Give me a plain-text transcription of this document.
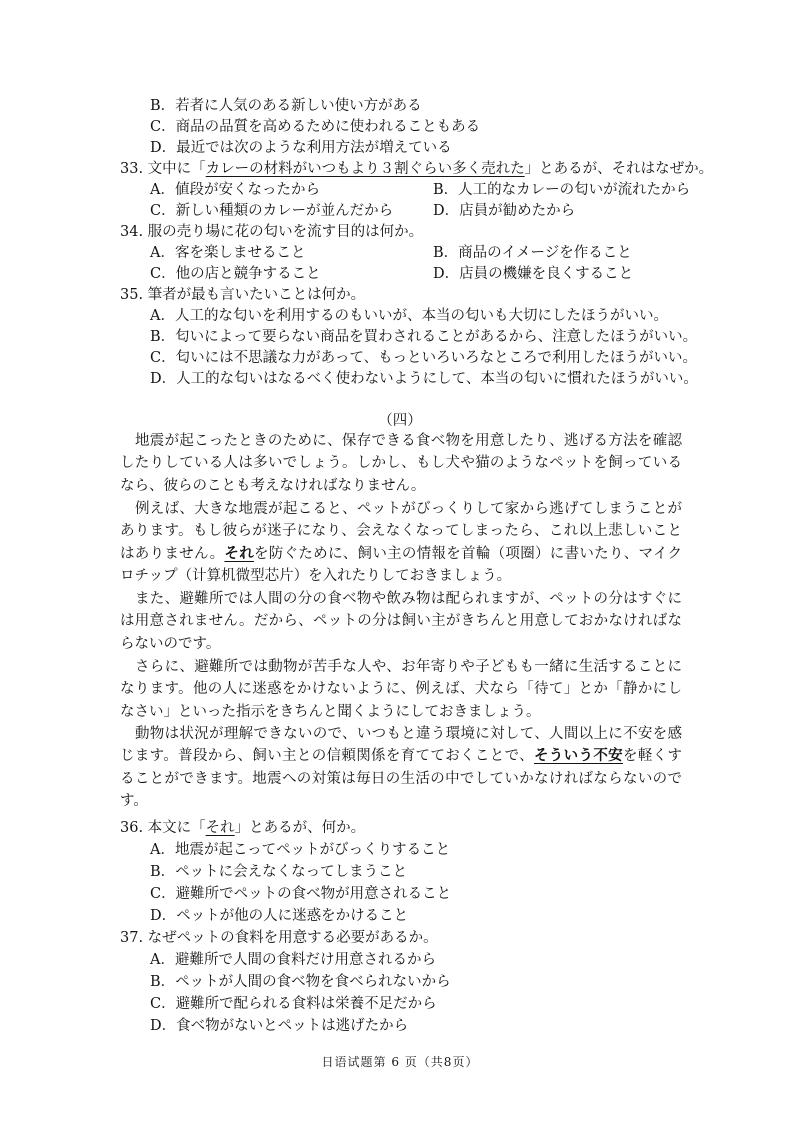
B．若者に人気のある新しい使い方がある
C．商品の品質を高めるために使われることもある
D．最近では次のような利用方法が増えている
33. 文中に「カレーの材料がいつもより３割ぐらい多く売れた」とあるが、それはなぜか。
A．値段が安くなったから	B．人工的なカレーの匂いが流れたから
C．新しい種類のカレーが並んだから	D．店員が勧めたから
34. 服の売り場に花の匂いを流す目的は何か。
A．客を楽しませること	B．商品のイメージを作ること
C．他の店と競争すること	D．店員の機嫌を良くすること
35. 筆者が最も言いたいことは何か。
A．人工的な匂いを利用するのもいいが、本当の匂いも大切にしたほうがいい。
B．匂いによって要らない商品を買わされることがあるから、注意したほうがいい。
C．匂いには不思議な力があって、もっといろいろなところで利用したほうがいい。
D．人工的な匂いはなるべく使わないようにして、本当の匂いに慣れたほうがいい。
（四）
地震が起こったときのために、保存できる食べ物を用意したり、逃げる方法を確認したりしている人は多いでしょう。しかし、もし犬や猫のようなペットを飼っているなら、彼らのことも考えなければなりません。
例えば、大きな地震が起こると、ペットがびっくりして家から逃げてしまうことがあります。もし彼らが迷子になり、会えなくなってしまったら、これ以上悲しいことはありません。それを防ぐために、飼い主の情報を首輪（项圈）に書いたり、マイクロチップ（计算机微型芯片）を入れたりしておきましょう。
また、避難所では人間の分の食べ物や飲み物は配られますが、ペットの分はすぐには用意されません。だから、ペットの分は飼い主がきちんと用意しておかなければならないのです。
さらに、避難所では動物が苦手な人や、お年寄りや子どもも一緒に生活することになります。他の人に迷惑をかけないように、例えば、犬なら「待て」とか「静かにしなさい」といった指示をきちんと聞くようにしておきましょう。
動物は状況が理解できないので、いつもと違う環境に対して、人間以上に不安を感じます。普段から、飼い主との信頼関係を育てておくことで、そういう不安を軽くすることができます。地震への対策は毎日の生活の中でしていかなければならないのです。
36. 本文に「それ」とあるが、何か。
A．地震が起こってペットがびっくりすること
B．ペットに会えなくなってしまうこと
C．避難所でペットの食べ物が用意されること
D．ペットが他の人に迷惑をかけること
37. なぜペットの食料を用意する必要があるか。
A．避難所で人間の食料だけ用意されるから
B．ペットが人間の食べ物を食べられないから
C．避難所で配られる食料は栄養不足だから
D．食べ物がないとペットは逃げたから
日语试题第 6 页（共8页）
